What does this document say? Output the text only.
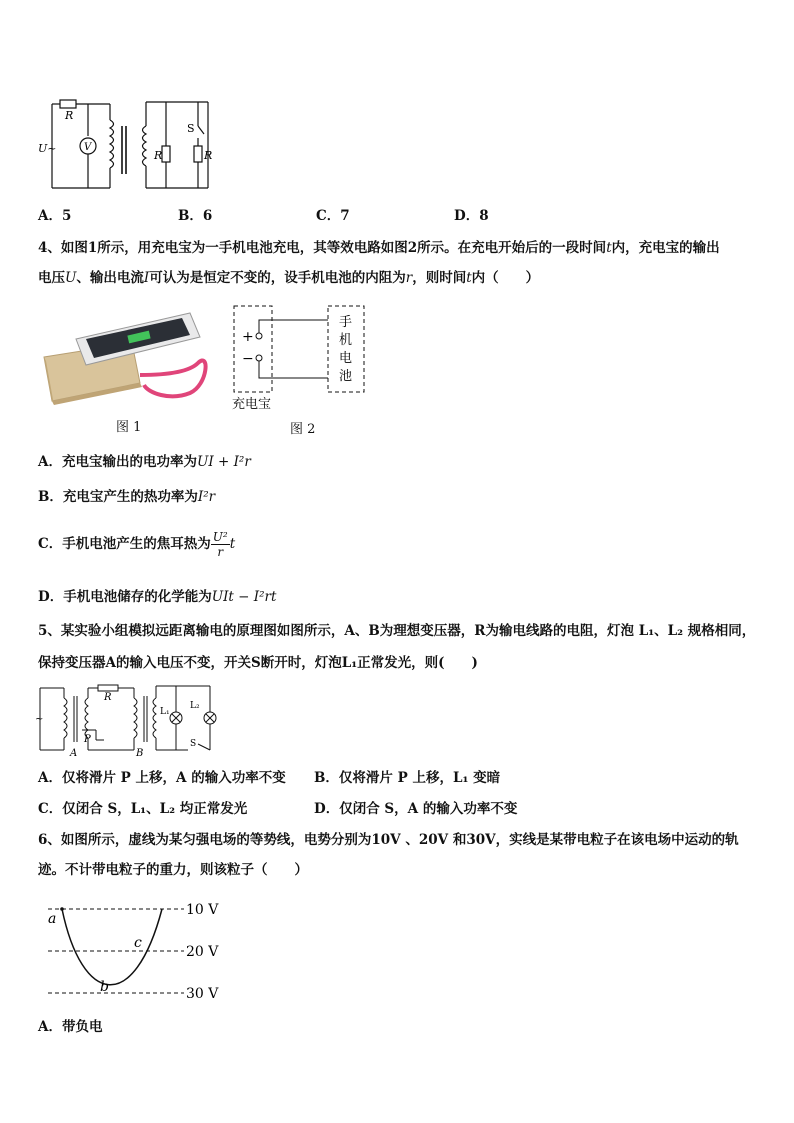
R
U~	V
S
R	R
A．5	B．6	C．7	D．8
4、如图1所示，用充电宝为一手机电池充电，其等效电路如图2所示。在充电开始后的一段时间t内，充电宝的输出
电压U、输出电流I可认为是恒定不变的，设手机电池的内阻为r，则时间t内（　　）
图 1
+
−
手
机
电
池
充电宝
图 2
A．充电宝输出的电功率为UI + I²r
B．充电宝产生的热功率为I²r
C．手机电池产生的焦耳热为 $\frac{\text{U²}}{r}$ t
D．手机电池储存的化学能为UIt − I²rt
5、某实验小组模拟远距离输电的原理图如图所示，A、B为理想变压器，R为输电线路的电阻，灯泡 L₁、L₂ 规格相同，
保持变压器A的输入电压不变，开关S断开时，灯泡L₁正常发光，则(　　)
R
P
A	B
L₁
L₂
S
~
A．仅将滑片 P 上移，A 的输入功率不变 B．仅将滑片 P 上移，L₁ 变暗
C．仅闭合 S，L₁、L₂ 均正常发光	D．仅闭合 S，A 的输入功率不变
6、如图所示，虚线为某匀强电场的等势线，电势分别为10V 、20V 和30V，实线是某带电粒子在该电场中运动的轨
迹。不计带电粒子的重力，则该粒子（　　）
a
b
c
10 V
20 V
30 V
A．带负电
